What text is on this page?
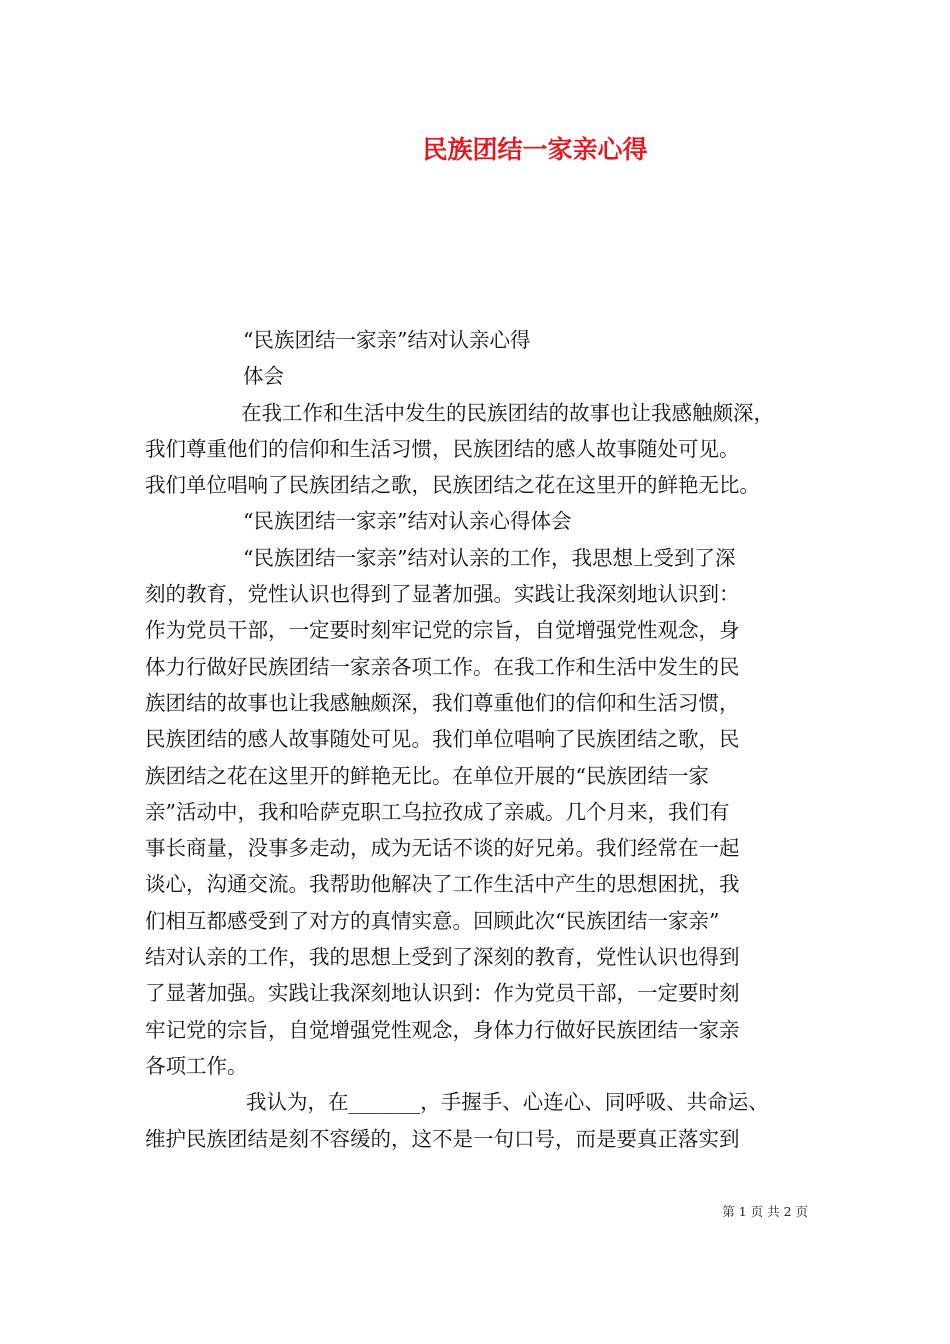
民族团结一家亲心得
“民族团结一家亲”结对认亲心得
体会
在我工作和生活中发生的民族团结的故事也让我感触颇深，
我们尊重他们的信仰和生活习惯，民族团结的感人故事随处可见。
我们单位唱响了民族团结之歌，民族团结之花在这里开的鲜艳无比。
“民族团结一家亲”结对认亲心得体会
“民族团结一家亲”结对认亲的工作，我思想上受到了深
刻的教育，党性认识也得到了显著加强。实践让我深刻地认识到：
作为党员干部，一定要时刻牢记党的宗旨，自觉增强党性观念，身
体力行做好民族团结一家亲各项工作。在我工作和生活中发生的民
族团结的故事也让我感触颇深，我们尊重他们的信仰和生活习惯，
民族团结的感人故事随处可见。我们单位唱响了民族团结之歌，民
族团结之花在这里开的鲜艳无比。在单位开展的“民族团结一家
亲”活动中，我和哈萨克职工乌拉孜成了亲戚。几个月来，我们有
事长商量，没事多走动，成为无话不谈的好兄弟。我们经常在一起
谈心，沟通交流。我帮助他解决了工作生活中产生的思想困扰，我
们相互都感受到了对方的真情实意。回顾此次“民族团结一家亲”
结对认亲的工作，我的思想上受到了深刻的教育，党性认识也得到
了显著加强。实践让我深刻地认识到：作为党员干部，一定要时刻
牢记党的宗旨，自觉增强党性观念，身体力行做好民族团结一家亲
各项工作。
我认为，在_______，手握手、心连心、同呼吸、共命运、
维护民族团结是刻不容缓的，这不是一句口号，而是要真正落实到
第 1 页 共 2 页
